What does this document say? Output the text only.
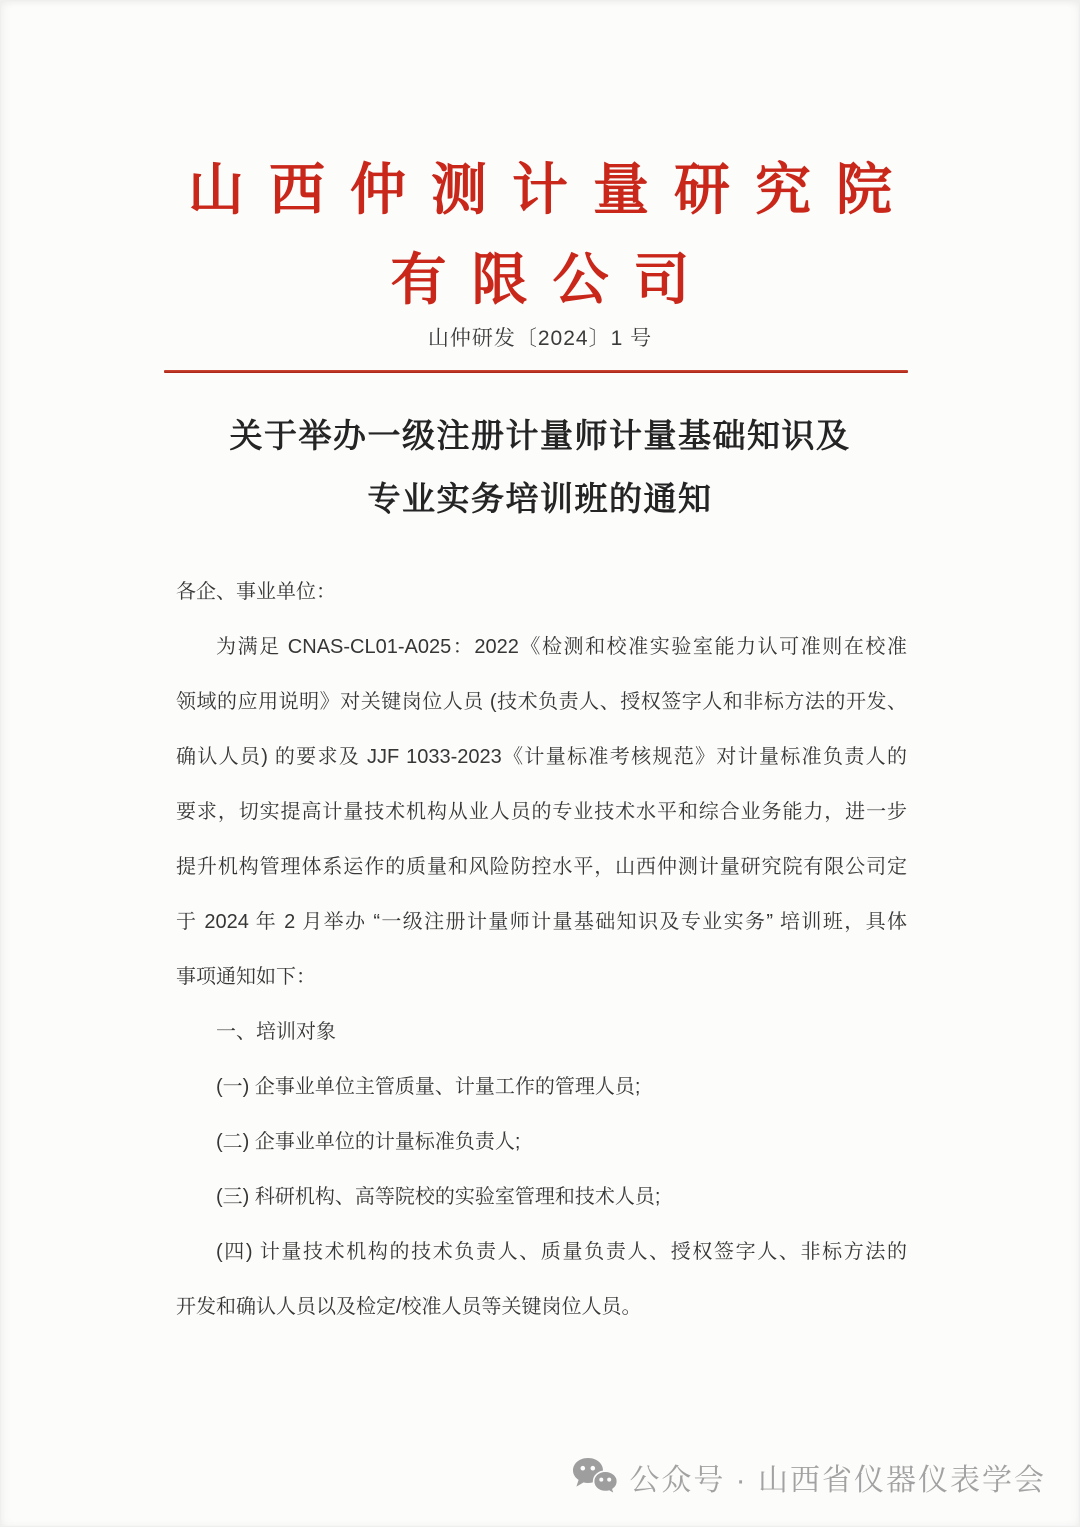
山西仲测计量研究院
有限公司
山仲研发〔2024〕1 号
关于举办一级注册计量师计量基础知识及
专业实务培训班的通知
各企、事业单位：
为满足 CNAS-CL01-A025：2022《检测和校准实验室能力认可准则在校准
领域的应用说明》对关键岗位人员 (技术负责人、授权签字人和非标方法的开发、
确认人员) 的要求及 JJF 1033-2023《计量标准考核规范》对计量标准负责人的
要求，切实提高计量技术机构从业人员的专业技术水平和综合业务能力，进一步
提升机构管理体系运作的质量和风险防控水平，山西仲测计量研究院有限公司定
于 2024 年 2 月举办 “一级注册计量师计量基础知识及专业实务” 培训班，具体
事项通知如下：
一、培训对象
(一) 企事业单位主管质量、计量工作的管理人员;
(二) 企事业单位的计量标准负责人;
(三) 科研机构、高等院校的实验室管理和技术人员;
(四) 计量技术机构的技术负责人、质量负责人、授权签字人、非标方法的
开发和确认人员以及检定/校准人员等关键岗位人员。
公众号 · 山西省仪器仪表学会
